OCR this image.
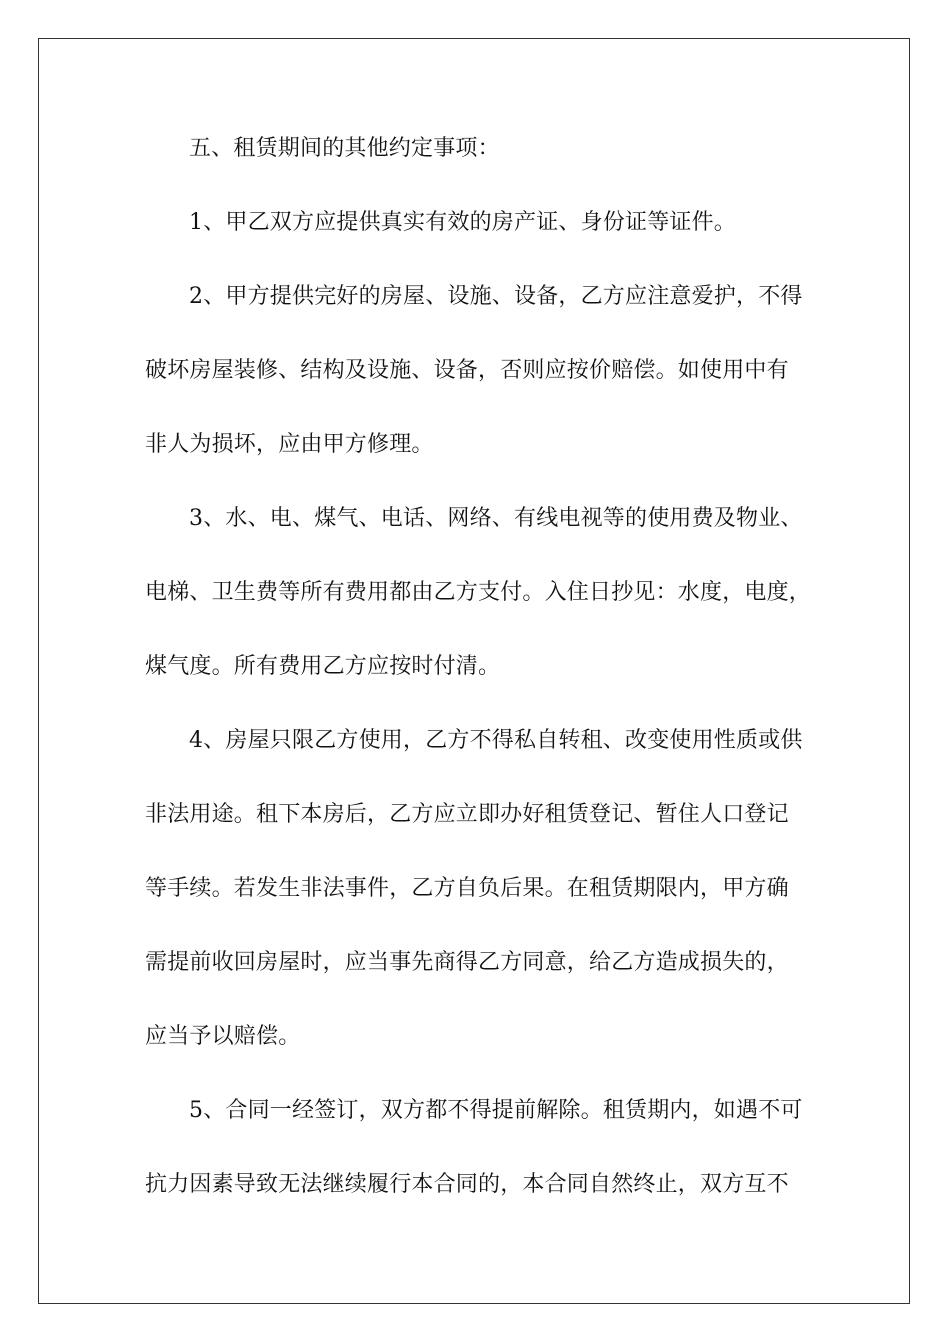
五、租赁期间的其他约定事项：
1、甲乙双方应提供真实有效的房产证、身份证等证件。
2、甲方提供完好的房屋、设施、设备，乙方应注意爱护，不得
破坏房屋装修、结构及设施、设备，否则应按价赔偿。如使用中有
非人为损坏，应由甲方修理。
3、水、电、煤气、电话、网络、有线电视等的使用费及物业、
电梯、卫生费等所有费用都由乙方支付。入住日抄见：水度，电度，
煤气度。所有费用乙方应按时付清。
4、房屋只限乙方使用，乙方不得私自转租、改变使用性质或供
非法用途。租下本房后，乙方应立即办好租赁登记、暂住人口登记
等手续。若发生非法事件，乙方自负后果。在租赁期限内，甲方确
需提前收回房屋时，应当事先商得乙方同意，给乙方造成损失的，
应当予以赔偿。
5、合同一经签订，双方都不得提前解除。租赁期内，如遇不可
抗力因素导致无法继续履行本合同的，本合同自然终止，双方互不
